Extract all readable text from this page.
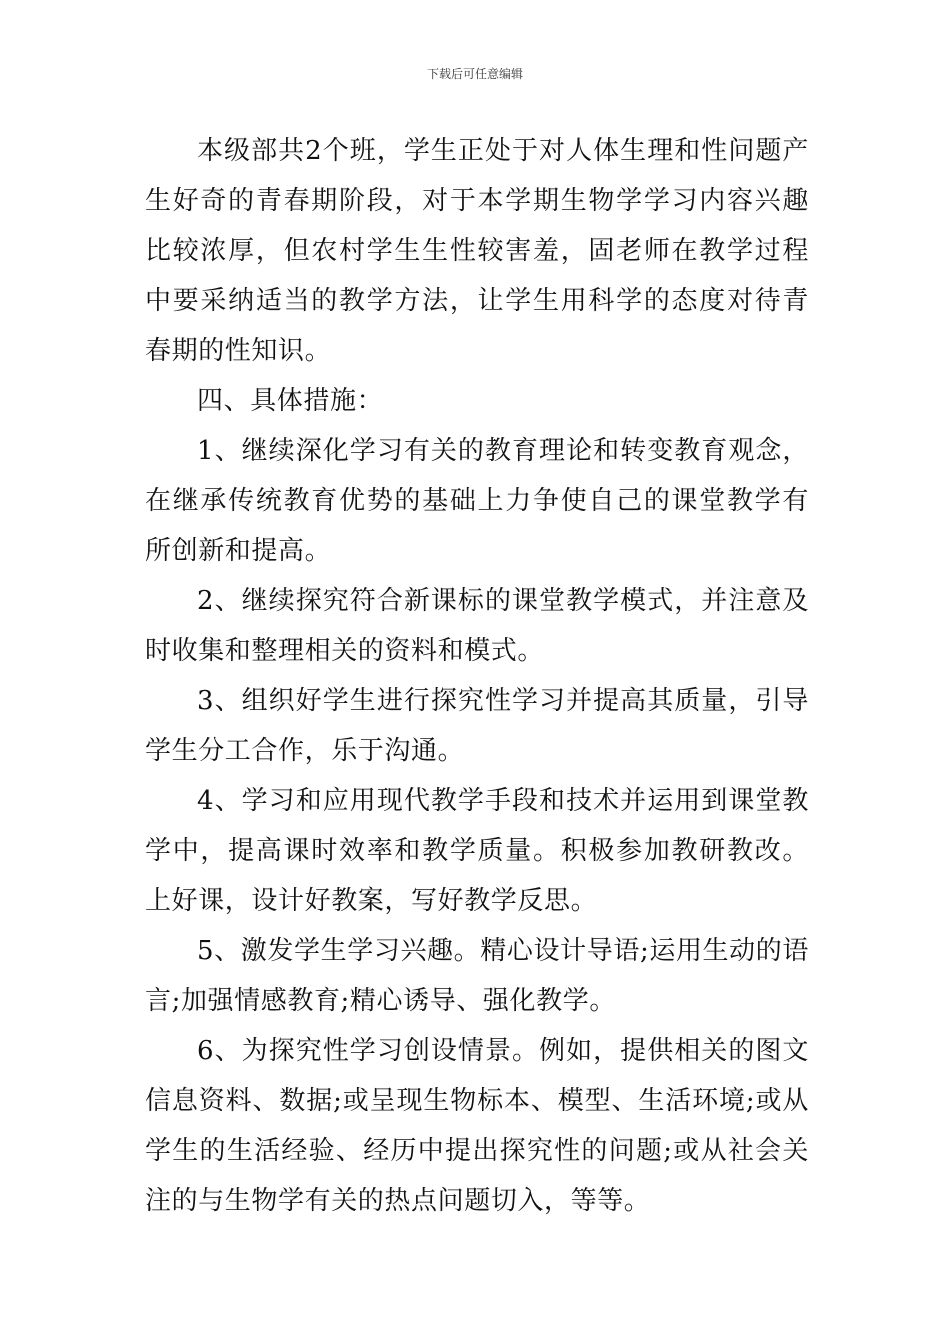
下载后可任意编辑

本级部共2个班，学生正处于对人体生理和性问题产生好奇的青春期阶段，对于本学期生物学学习内容兴趣比较浓厚，但农村学生生性较害羞，固老师在教学过程中要采纳适当的教学方法，让学生用科学的态度对待青春期的性知识。

四、具体措施：

1、继续深化学习有关的教育理论和转变教育观念，在继承传统教育优势的基础上力争使自己的课堂教学有所创新和提高。

2、继续探究符合新课标的课堂教学模式，并注意及时收集和整理相关的资料和模式。

3、组织好学生进行探究性学习并提高其质量，引导学生分工合作，乐于沟通。

4、学习和应用现代教学手段和技术并运用到课堂教学中，提高课时效率和教学质量。积极参加教研教改。上好课，设计好教案，写好教学反思。

5、激发学生学习兴趣。精心设计导语;运用生动的语言;加强情感教育;精心诱导、强化教学。

6、为探究性学习创设情景。例如，提供相关的图文信息资料、数据;或呈现生物标本、模型、生活环境;或从学生的生活经验、经历中提出探究性的问题;或从社会关注的与生物学有关的热点问题切入，等等。
